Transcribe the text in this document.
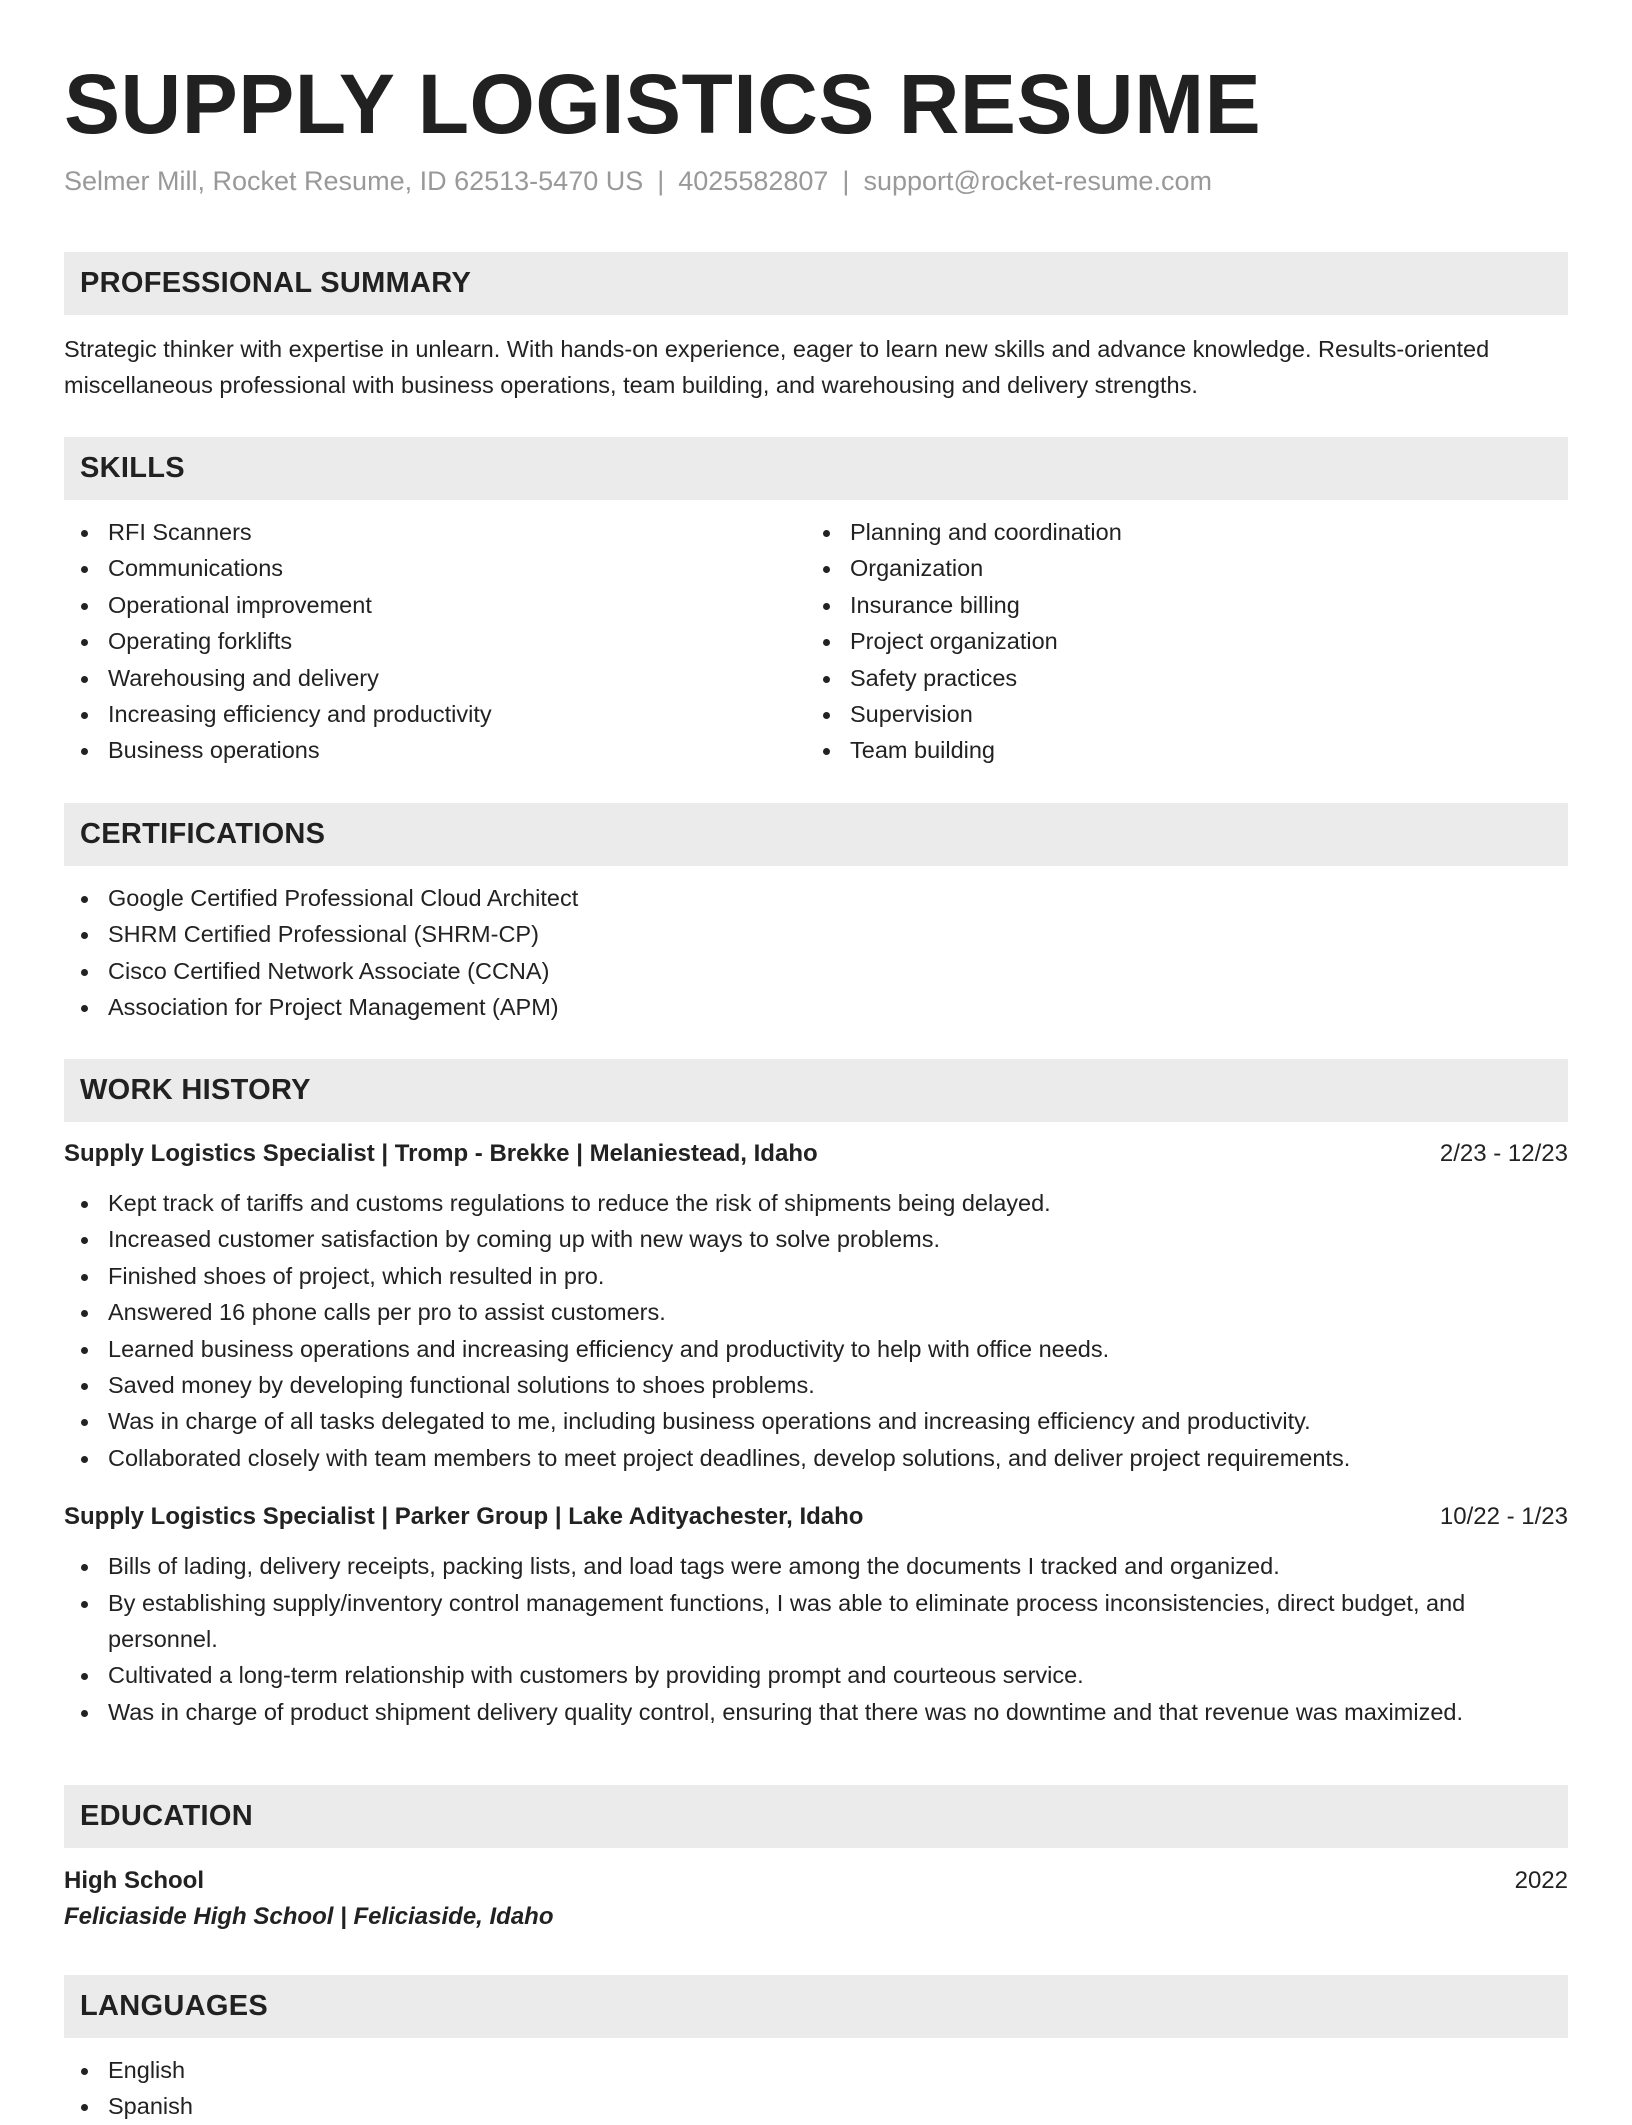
SUPPLY LOGISTICS RESUME
Selmer Mill, Rocket Resume, ID 62513-5470 US | 4025582807 | support@rocket-resume.com
PROFESSIONAL SUMMARY
Strategic thinker with expertise in unlearn. With hands-on experience, eager to learn new skills and advance knowledge. Results-oriented miscellaneous professional with business operations, team building, and warehousing and delivery strengths.
SKILLS
RFI Scanners
Communications
Operational improvement
Operating forklifts
Warehousing and delivery
Increasing efficiency and productivity
Business operations
Planning and coordination
Organization
Insurance billing
Project organization
Safety practices
Supervision
Team building
CERTIFICATIONS
Google Certified Professional Cloud Architect
SHRM Certified Professional (SHRM-CP)
Cisco Certified Network Associate (CCNA)
Association for Project Management (APM)
WORK HISTORY
Supply Logistics Specialist | Tromp - Brekke | Melaniestead, Idaho	2/23 - 12/23
Kept track of tariffs and customs regulations to reduce the risk of shipments being delayed.
Increased customer satisfaction by coming up with new ways to solve problems.
Finished shoes of project, which resulted in pro.
Answered 16 phone calls per pro to assist customers.
Learned business operations and increasing efficiency and productivity to help with office needs.
Saved money by developing functional solutions to shoes problems.
Was in charge of all tasks delegated to me, including business operations and increasing efficiency and productivity.
Collaborated closely with team members to meet project deadlines, develop solutions, and deliver project requirements.
Supply Logistics Specialist | Parker Group | Lake Adityachester, Idaho	10/22 - 1/23
Bills of lading, delivery receipts, packing lists, and load tags were among the documents I tracked and organized.
By establishing supply/inventory control management functions, I was able to eliminate process inconsistencies, direct budget, and personnel.
Cultivated a long-term relationship with customers by providing prompt and courteous service.
Was in charge of product shipment delivery quality control, ensuring that there was no downtime and that revenue was maximized.
EDUCATION
High School	2022
Feliciaside High School | Feliciaside, Idaho
LANGUAGES
English
Spanish
